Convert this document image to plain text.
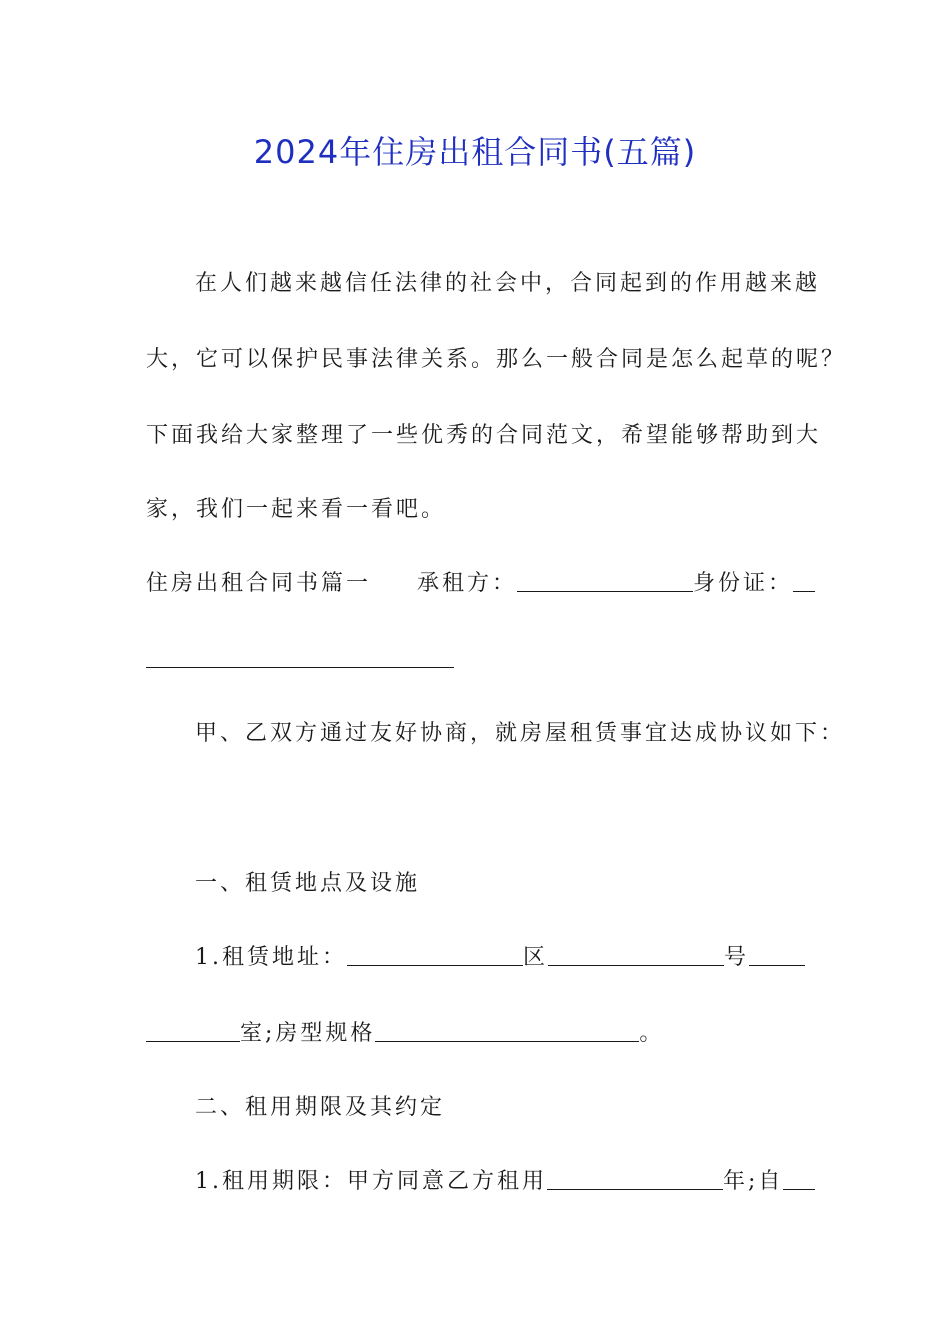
2024年住房出租合同书(五篇)
在人们越来越信任法律的社会中，合同起到的作用越来越
大，它可以保护民事法律关系。那么一般合同是怎么起草的呢？
下面我给大家整理了一些优秀的合同范文，希望能够帮助到大
家，我们一起来看一看吧。
住房出租合同书篇一 承租方：	身份证：
甲、乙双方通过友好协商，就房屋租赁事宜达成协议如下：
一、租赁地点及设施
1.租赁地址：	区	号
室;房型规格	。
二、租用期限及其约定
1.租用期限：甲方同意乙方租用	年;自
